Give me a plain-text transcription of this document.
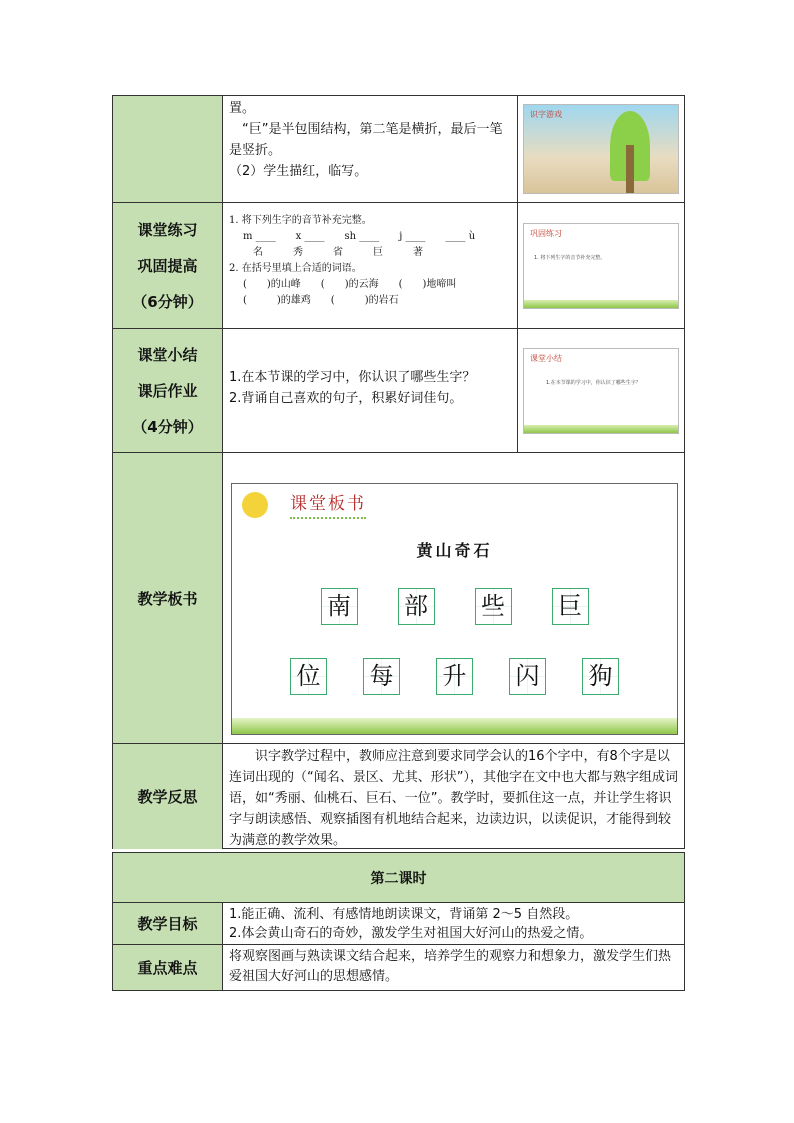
置。
　“巨”是半包围结构，第二笔是横折，最后一笔是竖折。
（2）学生描红，临写。
识字游戏
课堂练习
巩固提高
（6分钟）
1. 将下列生字的音节补充完整。
m ____　　x ____　　sh ____　　j ____　　____ ù
　名　　　秀　　　省　　　巨　　　著
2. 在括号里填上合适的词语。
(　　)的山峰　　(　　)的云海　　(　　)地啼叫
(　　　)的雄鸡　　(　　　)的岩石
巩固练习
1. 将下列生字的音节补充完整。
课堂小结
课后作业
（4分钟）
1.在本节课的学习中，你认识了哪些生字？
2.背诵自己喜欢的句子，积累好词佳句。
课堂小结
1.在本节课的学习中，你认识了哪些生字？
教学板书
课堂板书
黄山奇石
南 部 些 巨
位 每 升 闪 狗
教学反思
　　识字教学过程中，教师应注意到要求同学会认的16个字中，有8个字是以连词出现的（“闻名、景区、尤其、形状”），其他字在文中也大都与熟字组成词语，如“秀丽、仙桃石、巨石、一位”。教学时，要抓住这一点，并让学生将识字与朗读感悟、观察插图有机地结合起来，边读边识，以读促识，才能得到较为满意的教学效果。
第二课时
教学目标
1.能正确、流利、有感情地朗读课文，背诵第 2～5 自然段。
2.体会黄山奇石的奇妙，激发学生对祖国大好河山的热爱之情。
重点难点
将观察图画与熟读课文结合起来，培养学生的观察力和想象力，激发学生们热爱祖国大好河山的思想感情。
